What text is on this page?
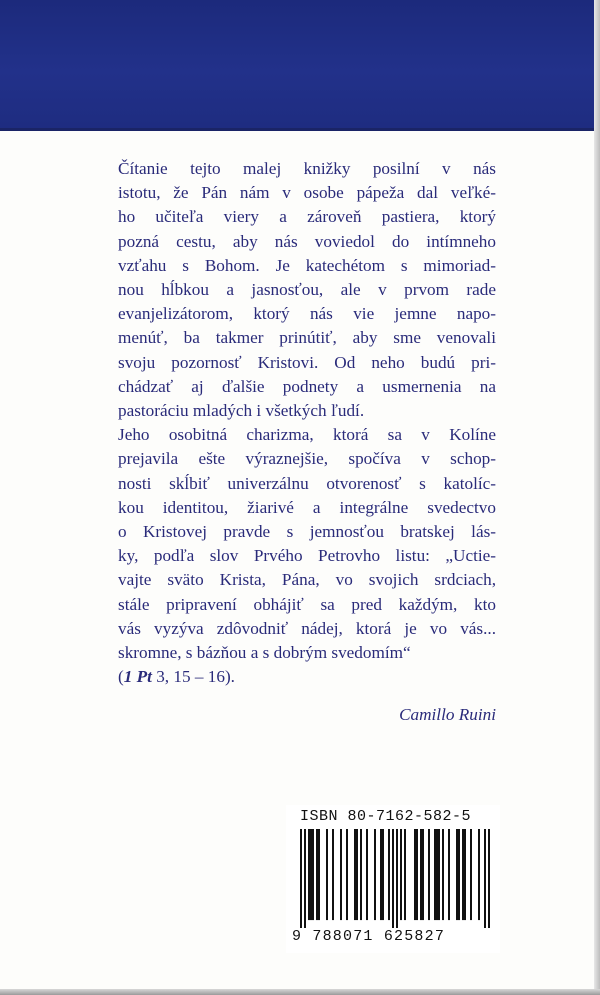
Čítanie tejto malej knižky posilní v nás
istotu, že Pán nám v osobe pápeža dal veľké-
ho učiteľa viery a zároveň pastiera, ktorý
pozná cestu, aby nás voviedol do intímneho
vzťahu s Bohom. Je katechétom s mimoriad-
nou hĺbkou a jasnosťou, ale v prvom rade
evanjelizátorom, ktorý nás vie jemne napo-
menúť, ba takmer prinútiť, aby sme venovali
svoju pozornosť Kristovi. Od neho budú pri-
chádzať aj ďalšie podnety a usmernenia na
pastoráciu mladých i všetkých ľudí.
Jeho osobitná charizma, ktorá sa v Kolíne
prejavila ešte výraznejšie, spočíva v schop-
nosti skĺbiť univerzálnu otvorenosť s katolíc-
kou identitou, žiarivé a integrálne svedectvo
o Kristovej pravde s jemnosťou bratskej lás-
ky, podľa slov Prvého Petrovho listu: „Uctie-
vajte sväto Krista, Pána, vo svojich srdciach,
stále pripravení obhájiť sa pred každým, kto
vás vyzýva zdôvodniť nádej, ktorá je vo vás...
skromne, s bázňou a s dobrým svedomím“
(1 Pt 3, 15 – 16).
Camillo Ruini
ISBN 80-7162-582-5
9 788071 625827
